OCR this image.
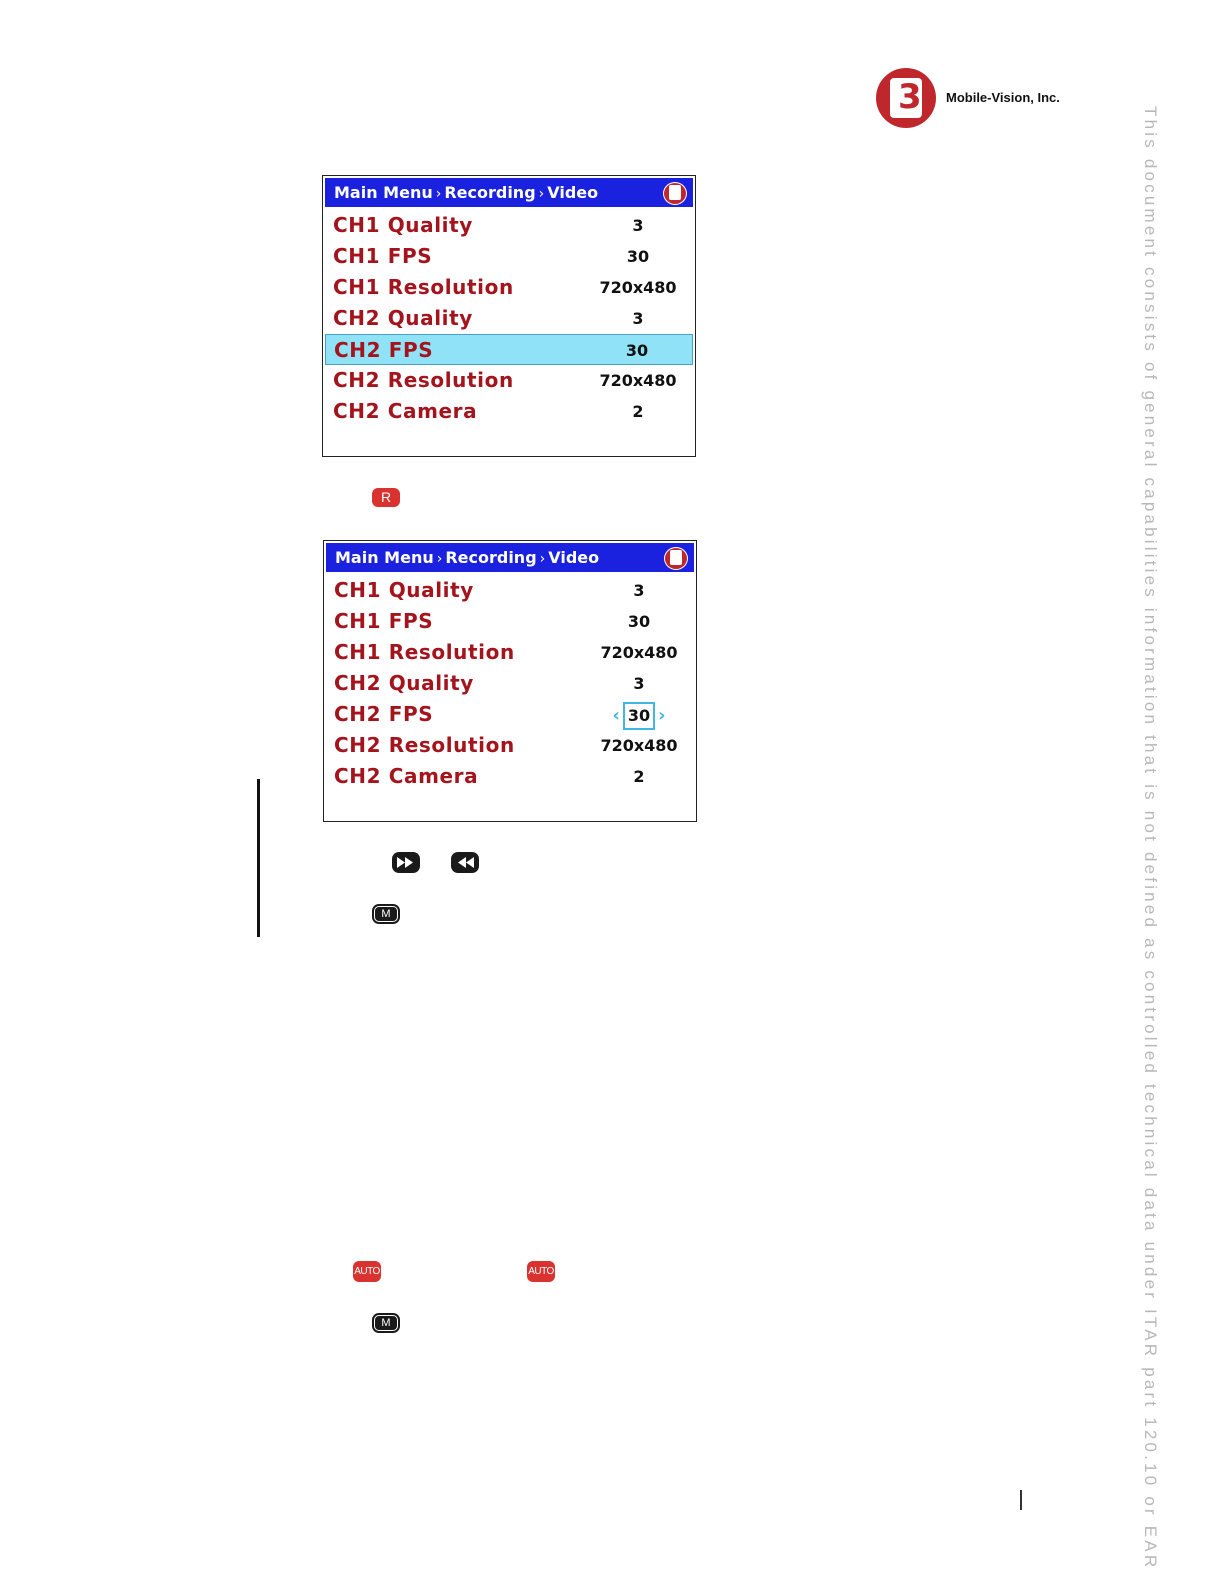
3 Mobile-Vision, Inc.
This document consists of general capabilities information that is not defined as controlled technical data under ITAR part 120.10 or EAR
Main Menu › Recording › Video
CH1 Quality	3
CH1 FPS	30
CH1 Resolution	720x480
CH2 Quality	3
CH2 FPS	30
CH2 Resolution	720x480
CH2 Camera	2
R
Main Menu › Recording › Video
CH1 Quality	3
CH1 FPS	30
CH1 Resolution	720x480
CH2 Quality	3
CH2 FPS	‹ 30 ›
CH2 Resolution	720x480
CH2 Camera	2
M
AUTO	AUTO
M
